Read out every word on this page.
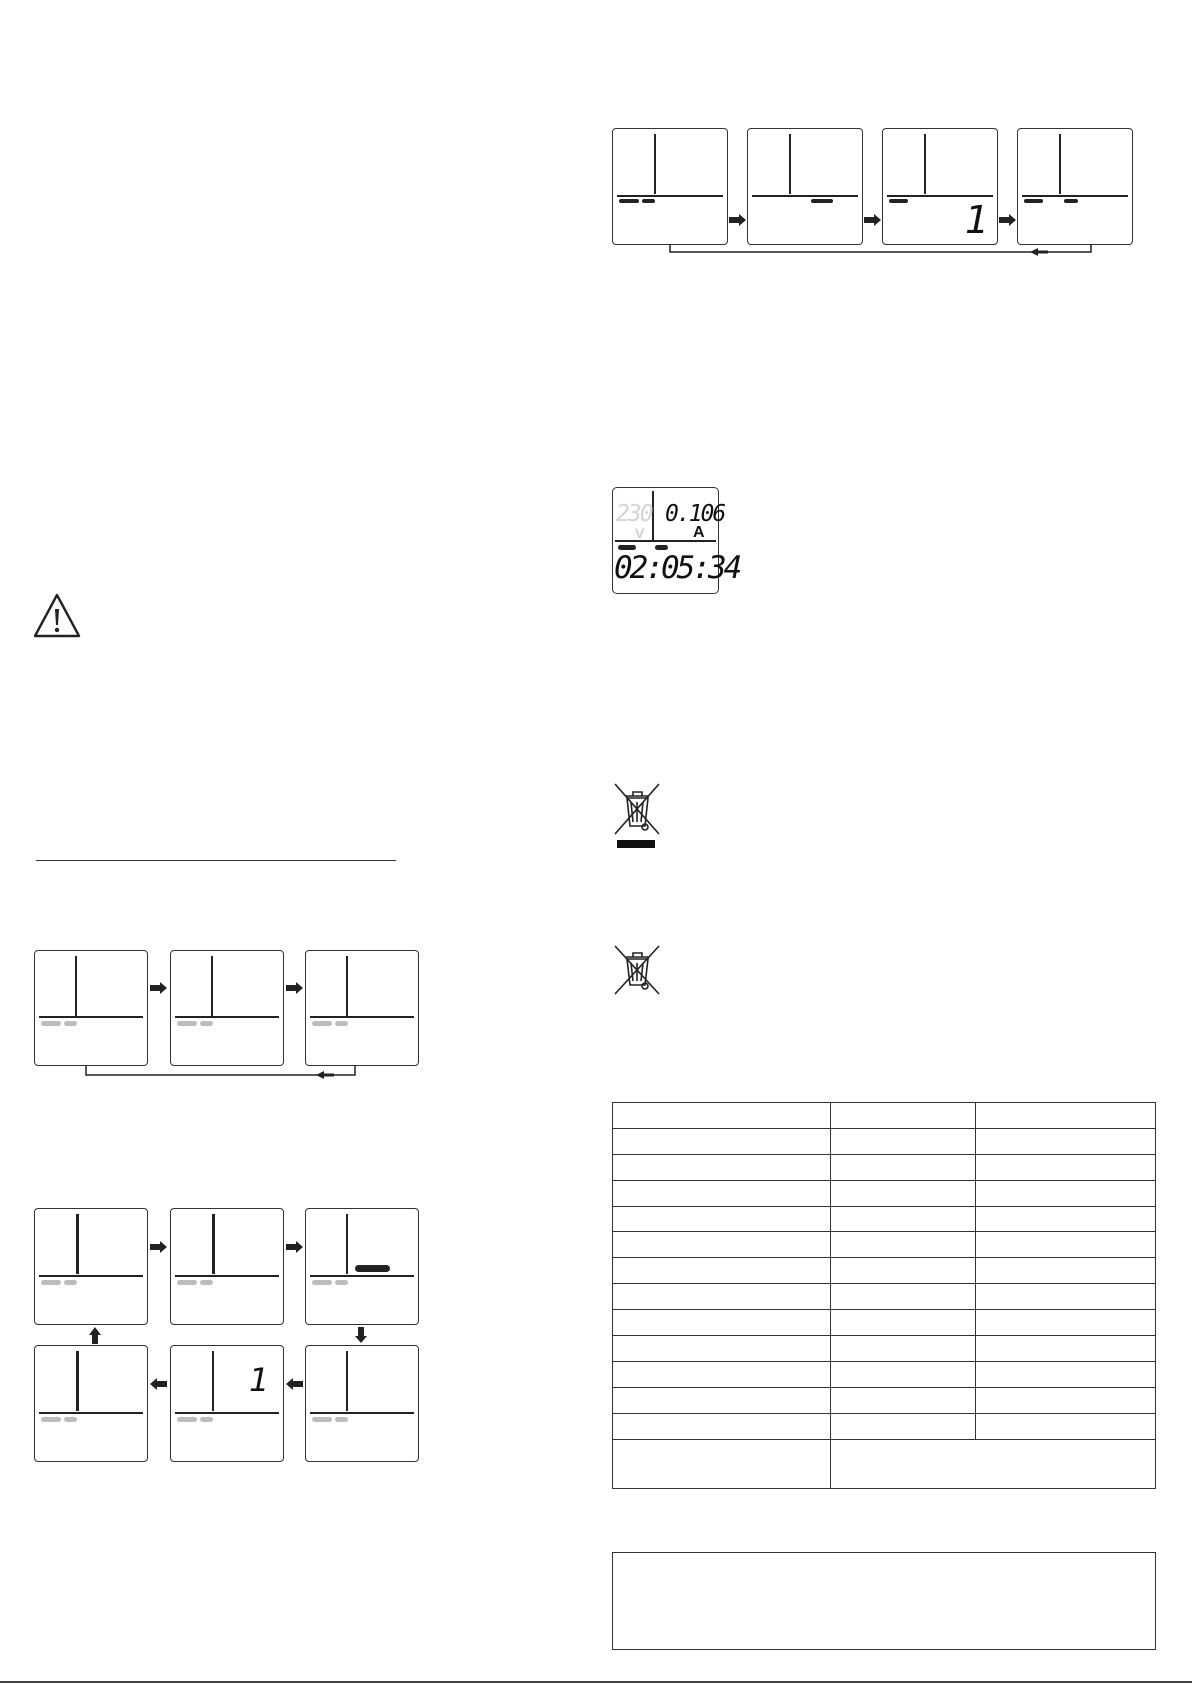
1
230
V
0.106
A
02:05:34
1
